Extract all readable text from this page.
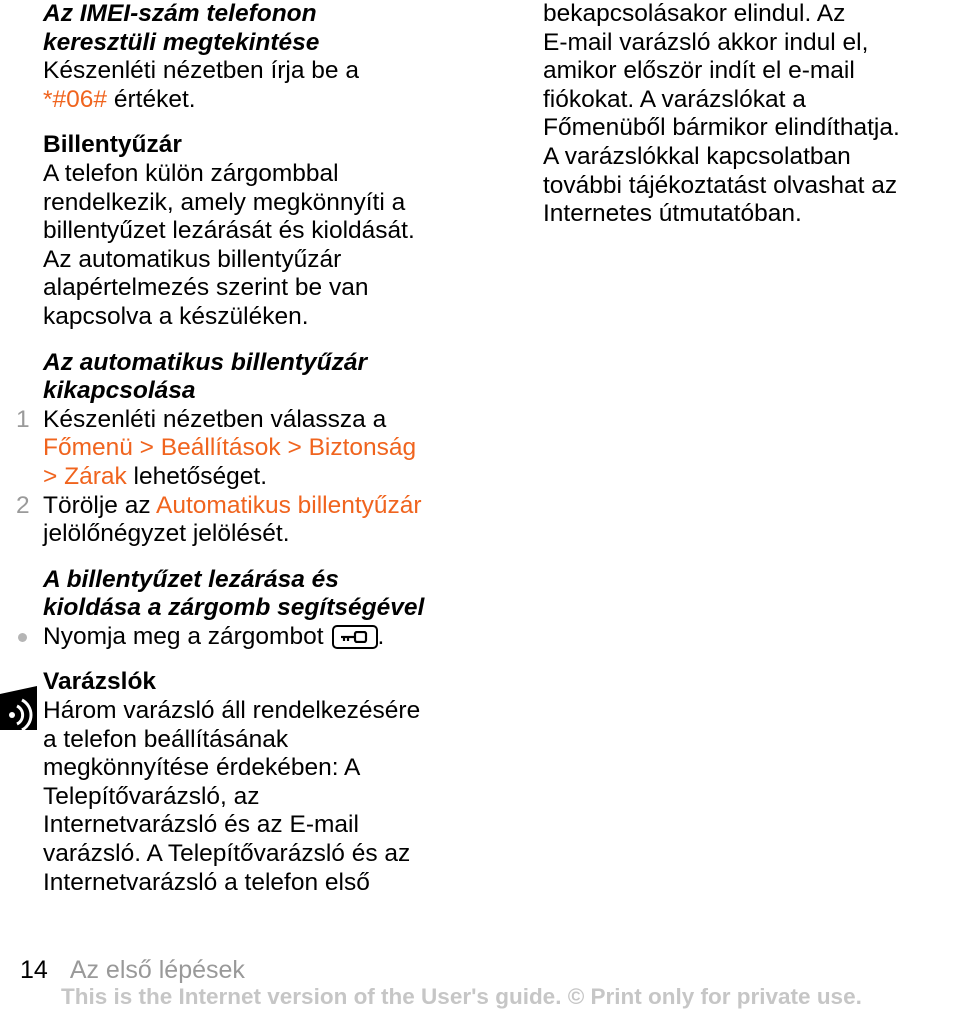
Az IMEI-szám telefonon
keresztüli megtekintése
Készenléti nézetben írja be a
*#06# értéket.
Billentyűzár
A telefon külön zárgombbal
rendelkezik, amely megkönnyíti a
billentyűzet lezárását és kioldását.
Az automatikus billentyűzár
alapértelmezés szerint be van
kapcsolva a készüléken.
Az automatikus billentyűzár
kikapcsolása
1 Készenléti nézetben válassza a
Főmenü > Beállítások > Biztonság
> Zárak lehetőséget.
2 Törölje az Automatikus billentyűzár
jelölőnégyzet jelölését.
A billentyűzet lezárása és
kioldása a zárgomb segítségével
Nyomja meg a zárgombot .
Varázslók
Három varázsló áll rendelkezésére
a telefon beállításának
megkönnyítése érdekében: A
Telepítővarázsló, az
Internetvarázsló és az E-mail
varázsló. A Telepítővarázsló és az
Internetvarázsló a telefon első
bekapcsolásakor elindul. Az
E-mail varázsló akkor indul el,
amikor először indít el e-mail
fiókokat. A varázslókat a
Főmenüből bármikor elindíthatja.
A varázslókkal kapcsolatban
további tájékoztatást olvashat az
Internetes útmutatóban.
14 Az első lépések
This is the Internet version of the User's guide. © Print only for private use.
